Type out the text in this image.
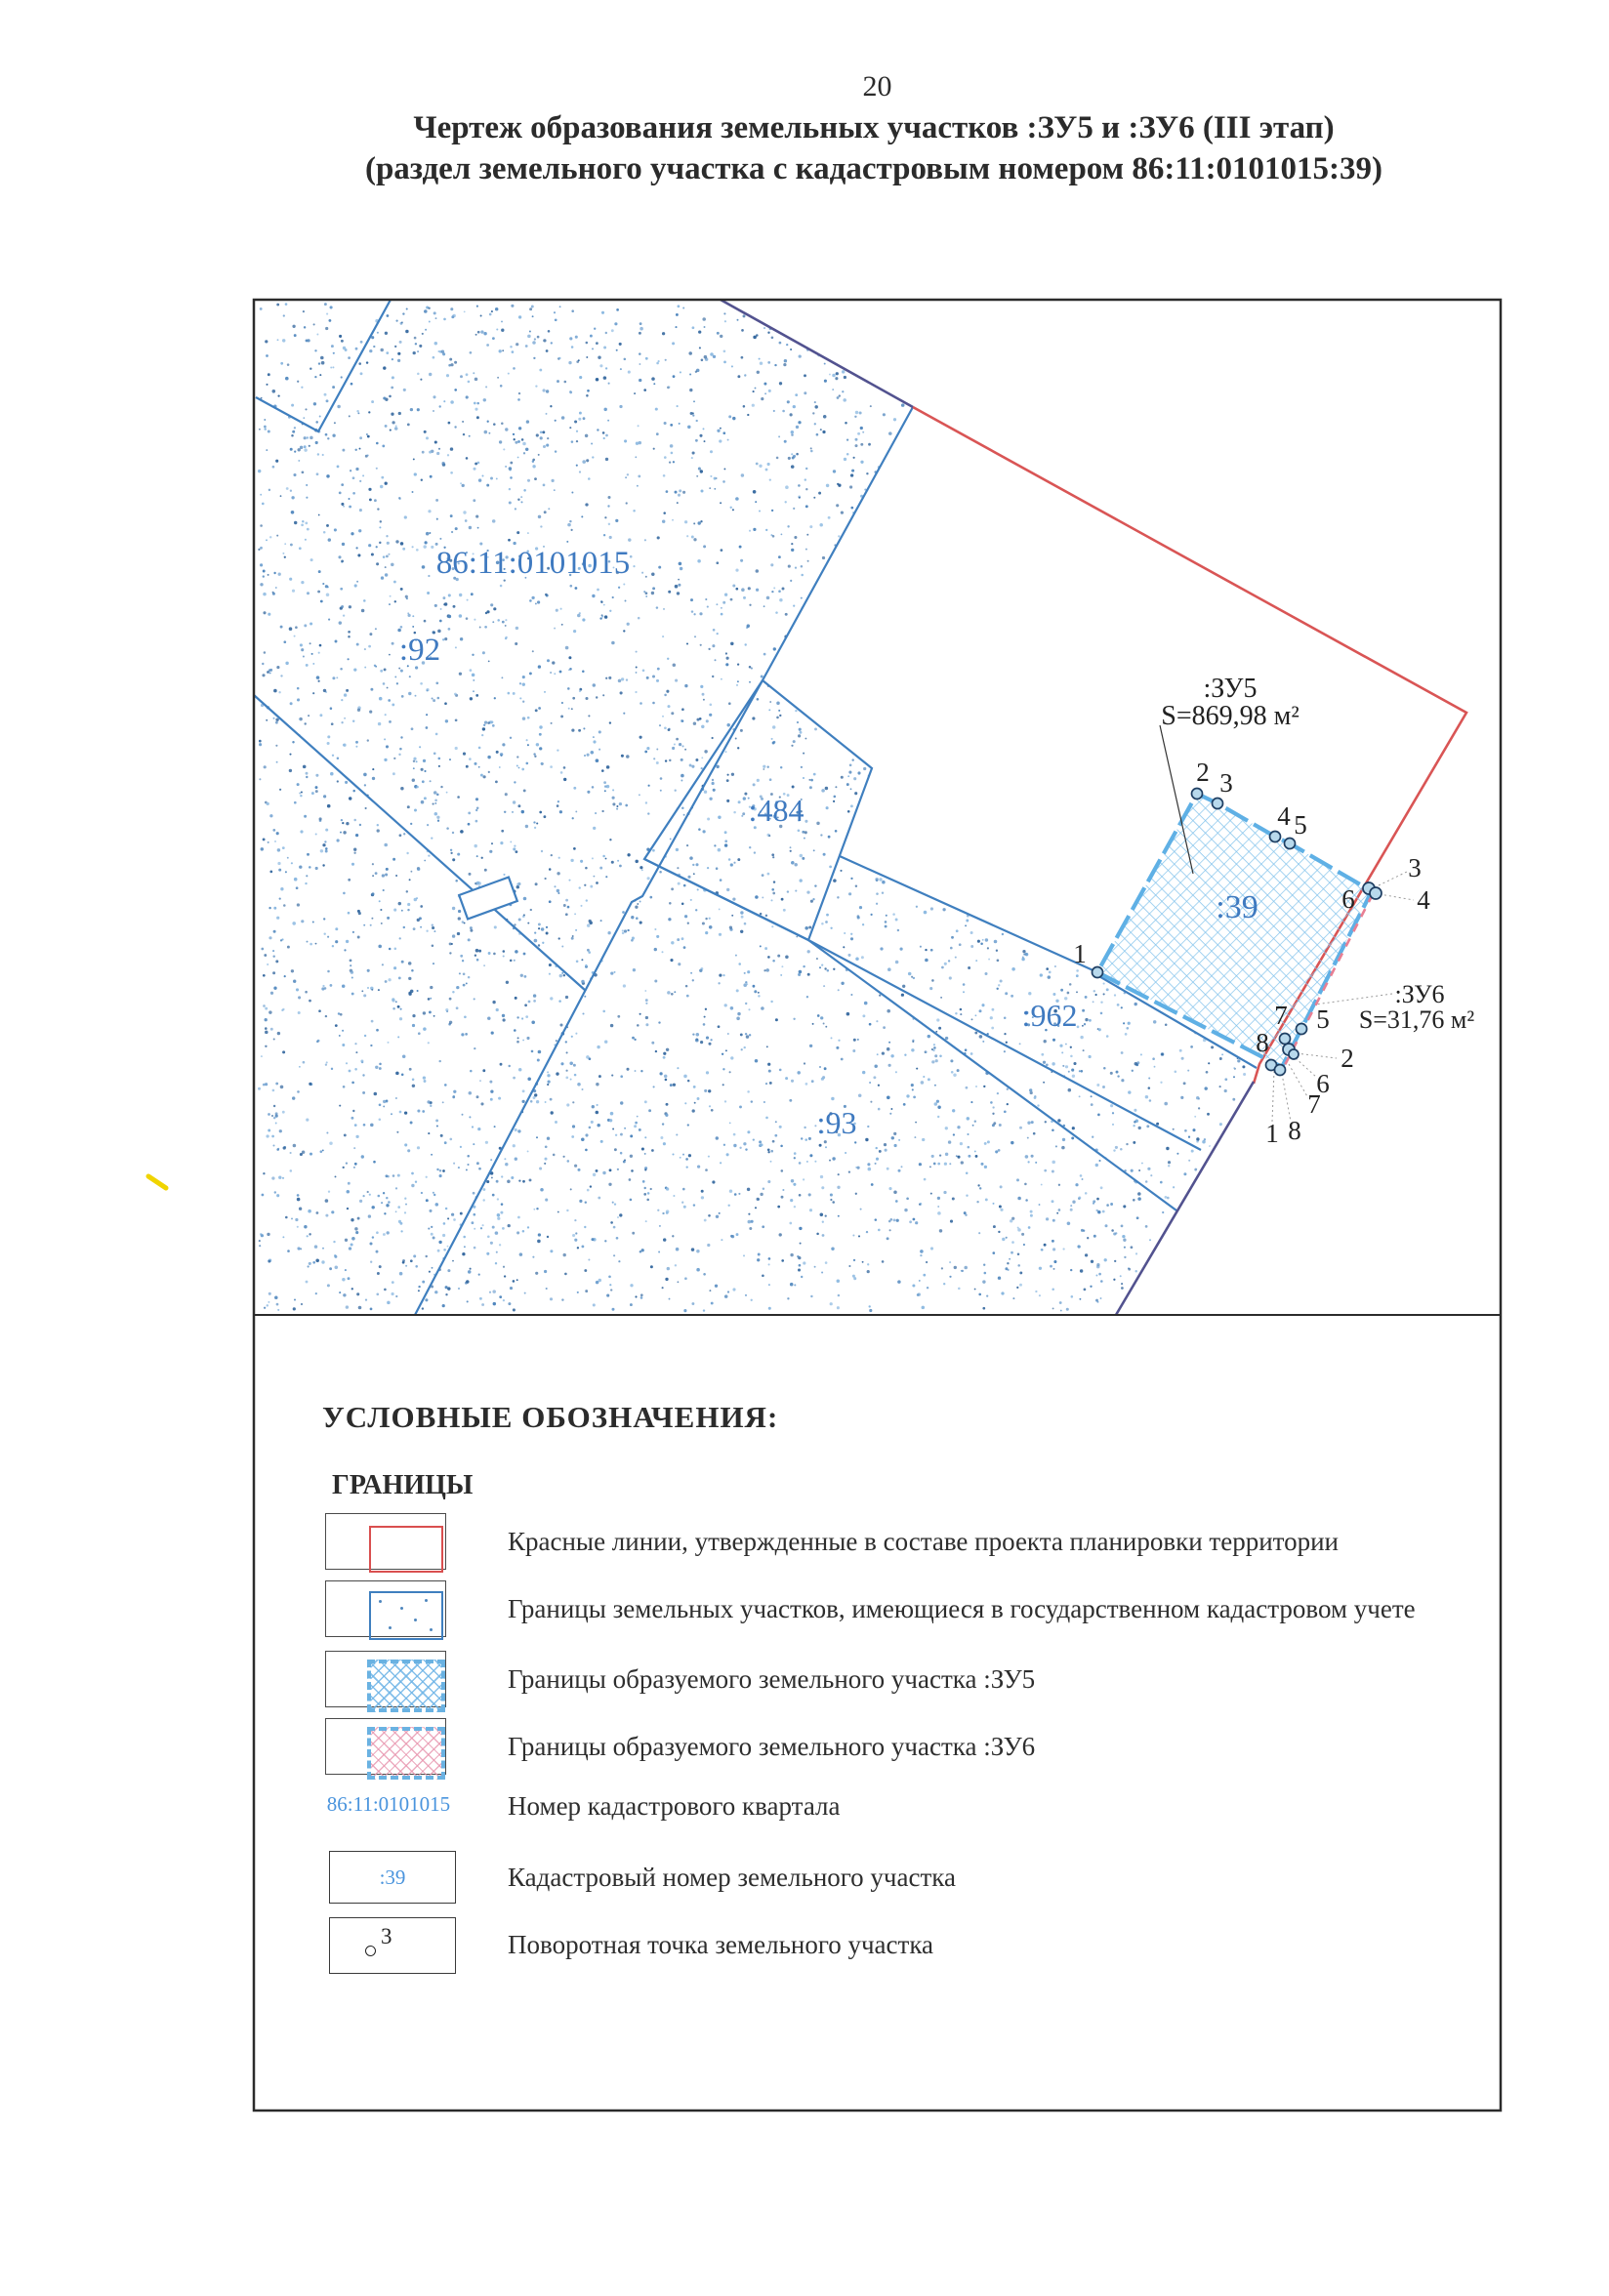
20
Чертеж образования земельных участков :ЗУ5 и :ЗУ6 (III этап)
(раздел земельного участка с кадастровым номером 86:11:0101015:39)
86:11:0101015
:92
:484
:962
:93
:39
:ЗУ5
S=869,98 м²
:ЗУ6
S=31,76 м²
2 3
4 5
6
3
4
1
7 5
8
2
6
7
1 8
УСЛОВНЫЕ ОБОЗНАЧЕНИЯ:
ГРАНИЦЫ
Красные линии, утвержденные в составе проекта планировки территории
Границы земельных участков, имеющиеся в государственном кадастровом учете
Границы образуемого земельного участка :ЗУ5
Границы образуемого земельного участка :ЗУ6
86:11:0101015	Номер кадастрового квартала
:39	Кадастровый номер земельного участка
3	Поворотная точка земельного участка
